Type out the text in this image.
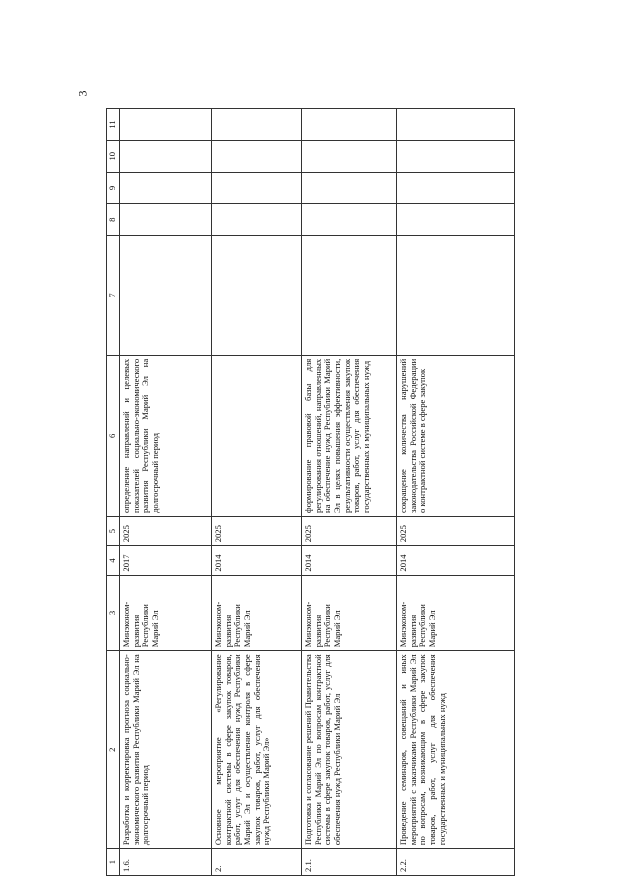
3
1	2	3	4	5	6	7	8	9	10	11
1.6.	Разработка и корректировка прогноза социально-экономического развития Республики Марий Эл на долгосрочный период	Минэконом-развития Республики Марий Эл	2017	2025	определение направлений и целевых показателей социально-экономического развития Республики Марий Эл на долгосрочный период					
2.	Основное мероприятие «Регулирование контрактной системы в сфере закупок товаров, работ, услуг для обеспечения нужд Республики Марий Эл и осуществление контроля в сфере закупок товаров, работ, услуг для обеспечения нужд Республики Марий Эл»	Минэконом-развития Республики Марий Эл	2014	2025						
2.1.	Подготовка и согласование решений Правительства Республики Марий Эл по вопросам контрактной системы в сфере закупок товаров, работ, услуг для обеспечения нужд Республики Марий Эл	Минэконом-развития Республики Марий Эл	2014	2025	формирование правовой базы для регулирования отношений, направленных на обеспечение нужд Республики Марий Эл в целях повышения эффективности, результативности осуществления закупок товаров, работ, услуг для обеспечения государственных и муниципальных нужд					
2.2.	Проведение семинаров, совещаний и иных мероприятий с заказчиками Республики Марий Эл по вопросам, возникающим в сфере закупок товаров, работ, услуг для обеспечения государственных и муниципальных нужд	Минэконом-развития Республики Марий Эл	2014	2025	сокращение количества нарушений законодательства Российской Федерации о контрактной системе в сфере закупок					
